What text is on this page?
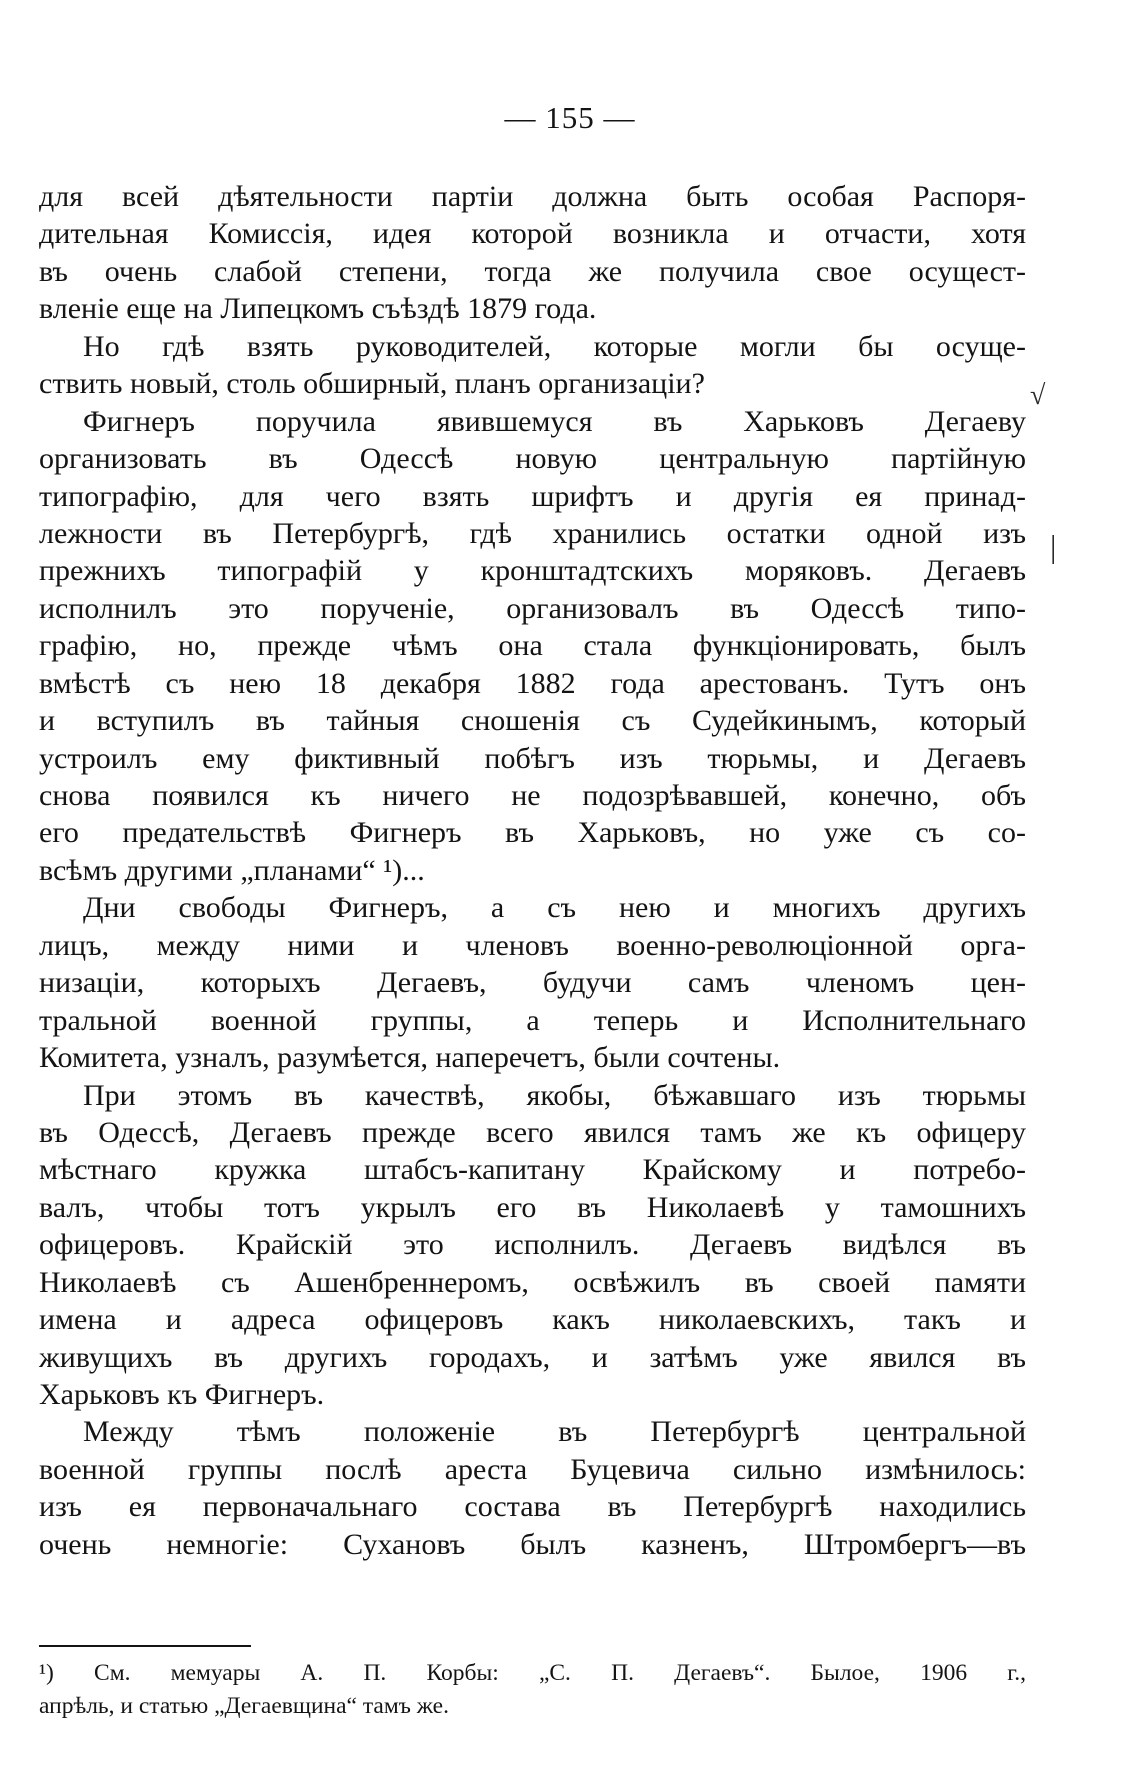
— 155 —
для всей дѣятельности партіи должна быть особая Распоря-
дительная Комиссія, идея которой возникла и отчасти, хотя
въ очень слабой степени, тогда же получила свое осущест-
вленіе еще на Липецкомъ съѣздѣ 1879 года.
Но гдѣ взять руководителей, которые могли бы осуще-
ствить новый, столь обширный, планъ организаціи?
Фигнеръ поручила явившемуся въ Харьковъ Дегаеву
организовать въ Одессѣ новую центральную партійную
типографію, для чего взять шрифтъ и другія ея принад-
лежности въ Петербургѣ, гдѣ хранились остатки одной изъ
прежнихъ типографій у кронштадтскихъ моряковъ. Дегаевъ
исполнилъ это порученіе, организовалъ въ Одессѣ типо-
графію, но, прежде чѣмъ она стала функціонировать, былъ
вмѣстѣ съ нею 18 декабря 1882 года арестованъ. Тутъ онъ
и вступилъ въ тайныя сношенія съ Судейкинымъ, который
устроилъ ему фиктивный побѣгъ изъ тюрьмы, и Дегаевъ
снова появился къ ничего не подозрѣвавшей, конечно, объ
его предательствѣ Фигнеръ въ Харьковъ, но уже съ со-
всѣмъ другими „планами“ ¹)...
Дни свободы Фигнеръ, а съ нею и многихъ другихъ
лицъ, между ними и членовъ военно-революціонной орга-
низаціи, которыхъ Дегаевъ, будучи самъ членомъ цен-
тральной военной группы, а теперь и Исполнительнаго
Комитета, узналъ, разумѣется, наперечетъ, были сочтены.
При этомъ въ качествѣ, якобы, бѣжавшаго изъ тюрьмы
въ Одессѣ, Дегаевъ прежде всего явился тамъ же къ офицеру
мѣстнаго кружка штабсъ-капитану Крайскому и потребо-
валъ, чтобы тотъ укрылъ его въ Николаевѣ у тамошнихъ
офицеровъ. Крайскій это исполнилъ. Дегаевъ видѣлся въ
Николаевѣ съ Ашенбреннеромъ, освѣжилъ въ своей памяти
имена и адреса офицеровъ какъ николаевскихъ, такъ и
живущихъ въ другихъ городахъ, и затѣмъ уже явился въ
Харьковъ къ Фигнеръ.
Между тѣмъ положеніе въ Петербургѣ центральной
военной группы послѣ ареста Буцевича сильно измѣнилось:
изъ ея первоначальнаго состава въ Петербургѣ находились
очень немногіе: Сухановъ былъ казненъ, Штромбергъ—въ
¹) См. мемуары А. П. Корбы: „С. П. Дегаевъ“. Былое, 1906 г.,
апрѣль, и статью „Дегаевщина“ тамъ же.
√
|
